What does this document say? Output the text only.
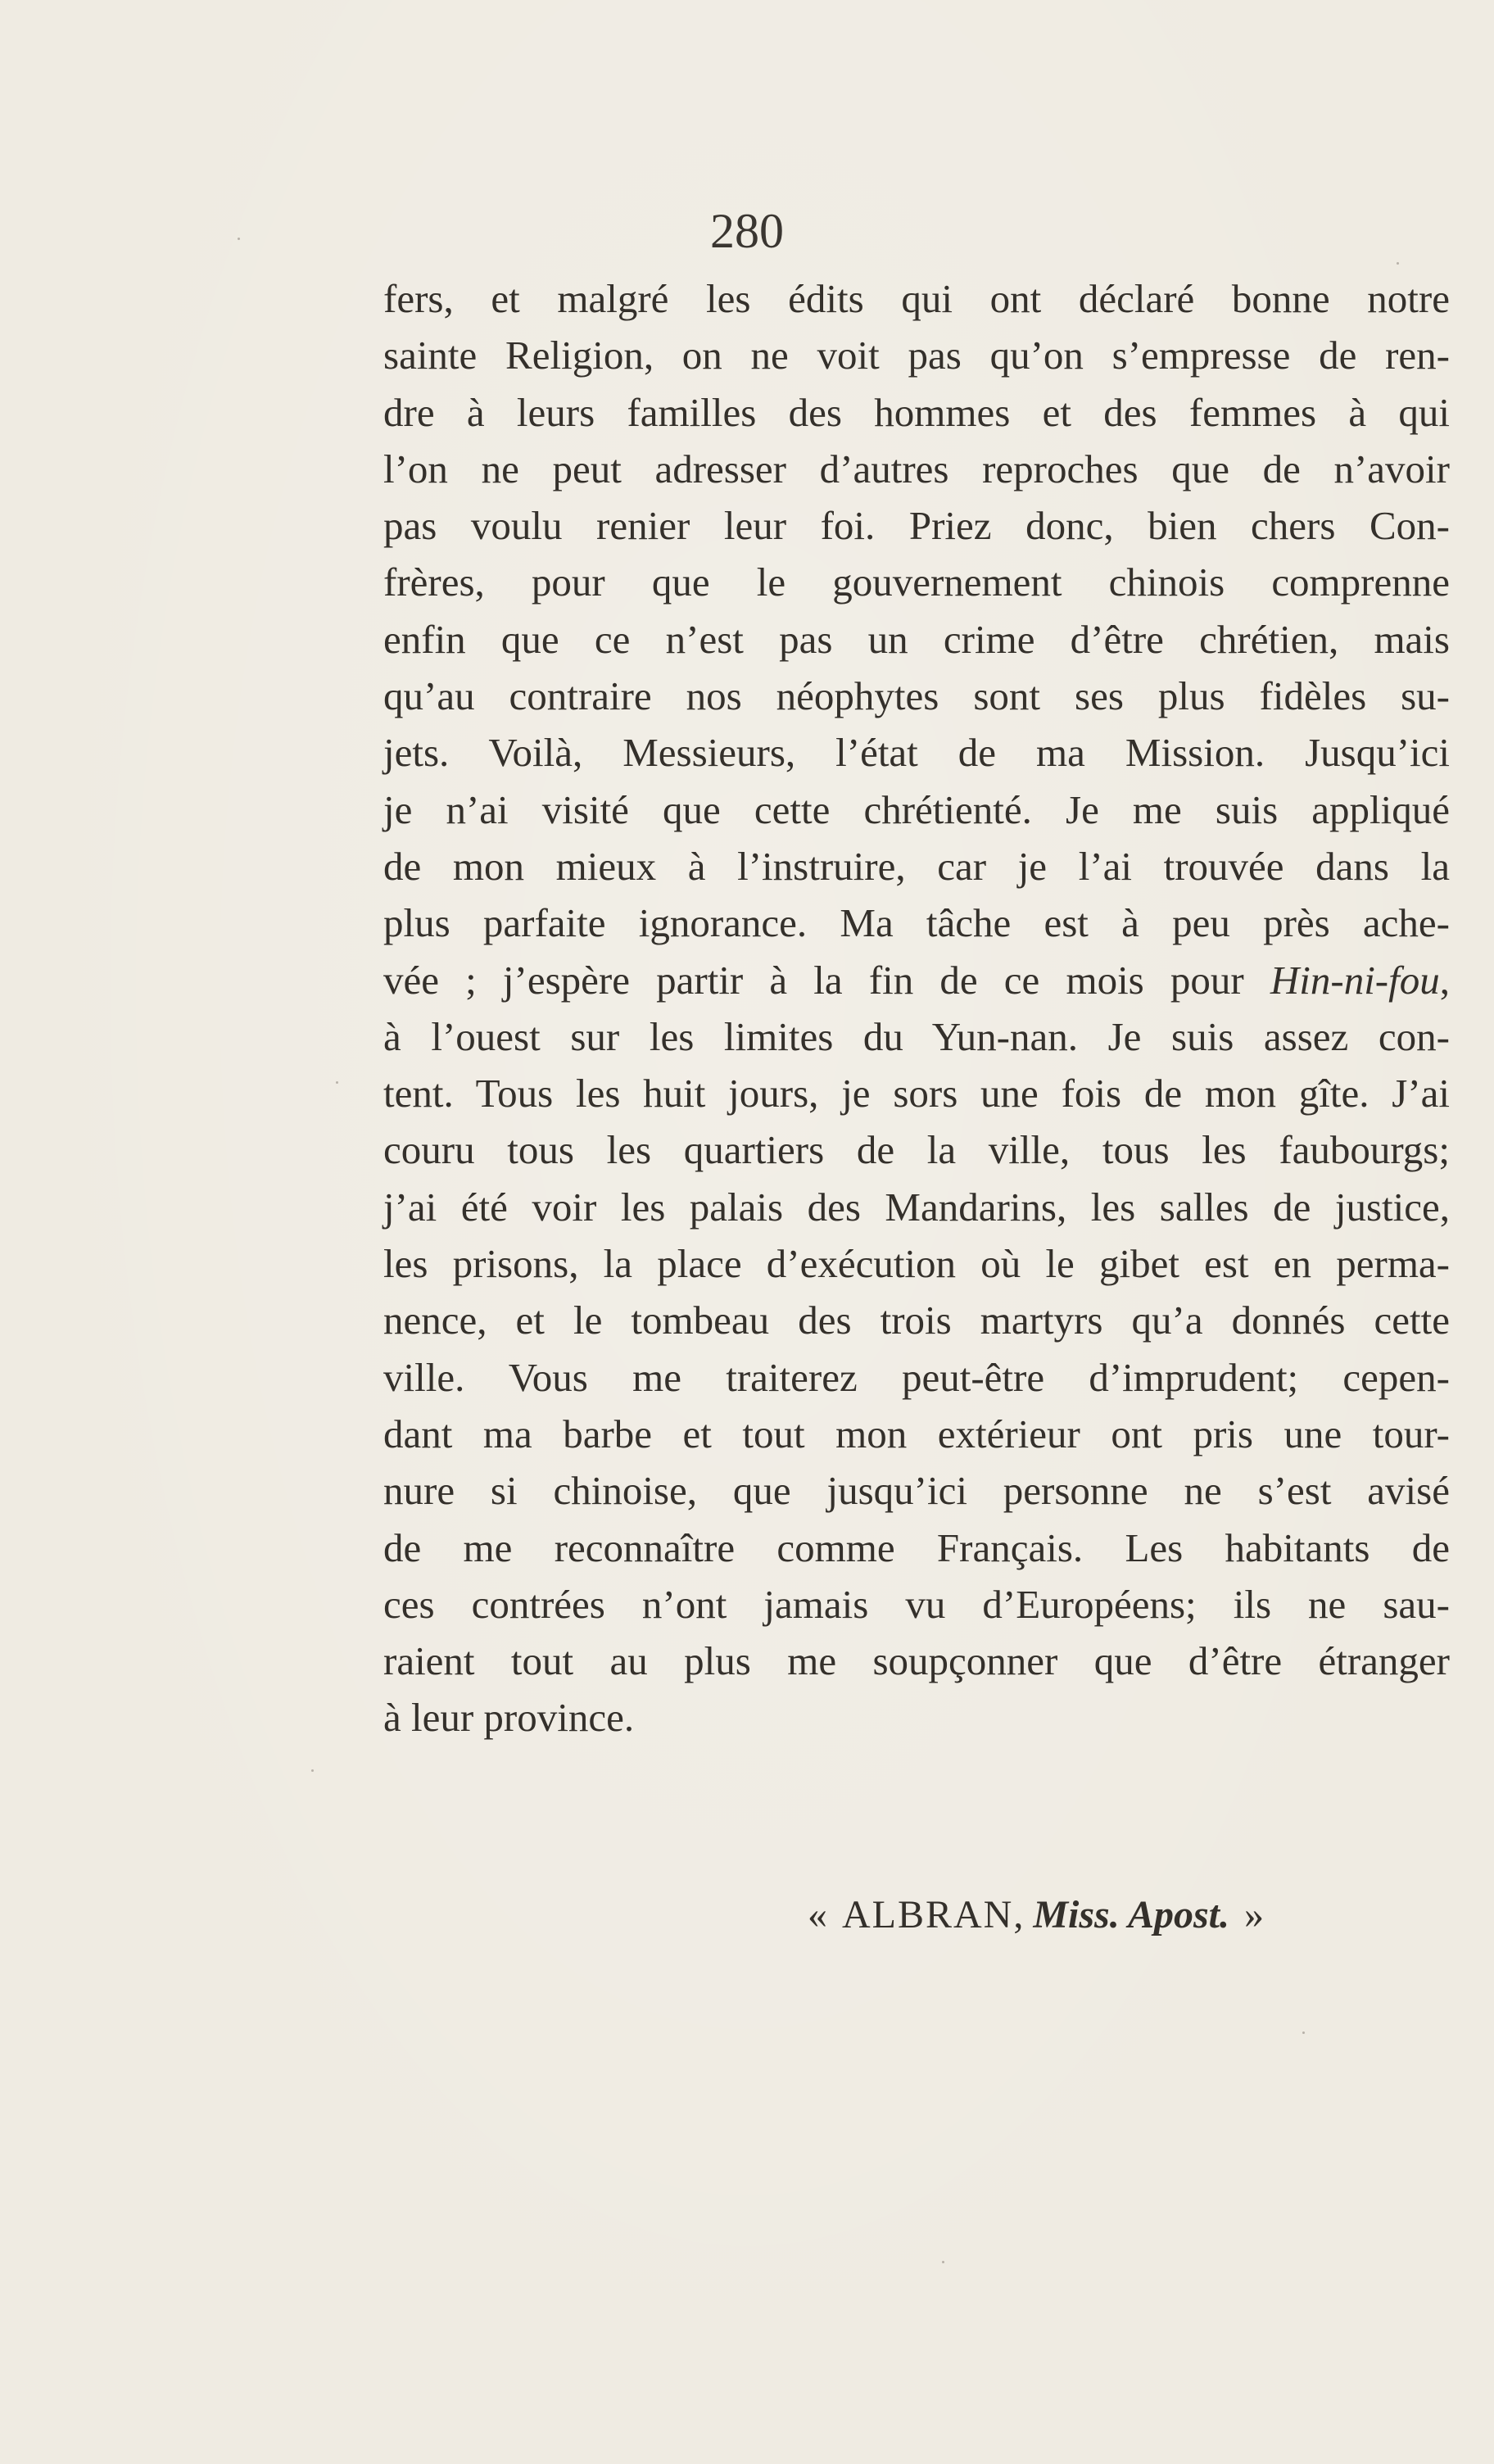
280
fers, et malgré les édits qui ont déclaré bonne notre
sainte Religion, on ne voit pas qu’on s’empresse de ren-
dre à leurs familles des hommes et des femmes à qui
l’on ne peut adresser d’autres reproches que de n’avoir
pas voulu renier leur foi. Priez donc, bien chers Con-
frères, pour que le gouvernement chinois comprenne
enfin que ce n’est pas un crime d’être chrétien, mais
qu’au contraire nos néophytes sont ses plus fidèles su-
jets. Voilà, Messieurs, l’état de ma Mission. Jusqu’ici
je n’ai visité que cette chrétienté. Je me suis appliqué
de mon mieux à l’instruire, car je l’ai trouvée dans la
plus parfaite ignorance. Ma tâche est à peu près ache-
vée ; j’espère partir à la fin de ce mois pour Hin-ni-fou,
à l’ouest sur les limites du Yun-nan. Je suis assez con-
tent. Tous les huit jours, je sors une fois de mon gîte. J’ai
couru tous les quartiers de la ville, tous les faubourgs;
j’ai été voir les palais des Mandarins, les salles de justice,
les prisons, la place d’exécution où le gibet est en perma-
nence, et le tombeau des trois martyrs qu’a donnés cette
ville. Vous me traiterez peut-être d’imprudent; cepen-
dant ma barbe et tout mon extérieur ont pris une tour-
nure si chinoise, que jusqu’ici personne ne s’est avisé
de me reconnaître comme Français. Les habitants de
ces contrées n’ont jamais vu d’Européens; ils ne sau-
raient tout au plus me soupçonner que d’être étranger
à leur province.
« ALBRAN, Miss. Apost. »
